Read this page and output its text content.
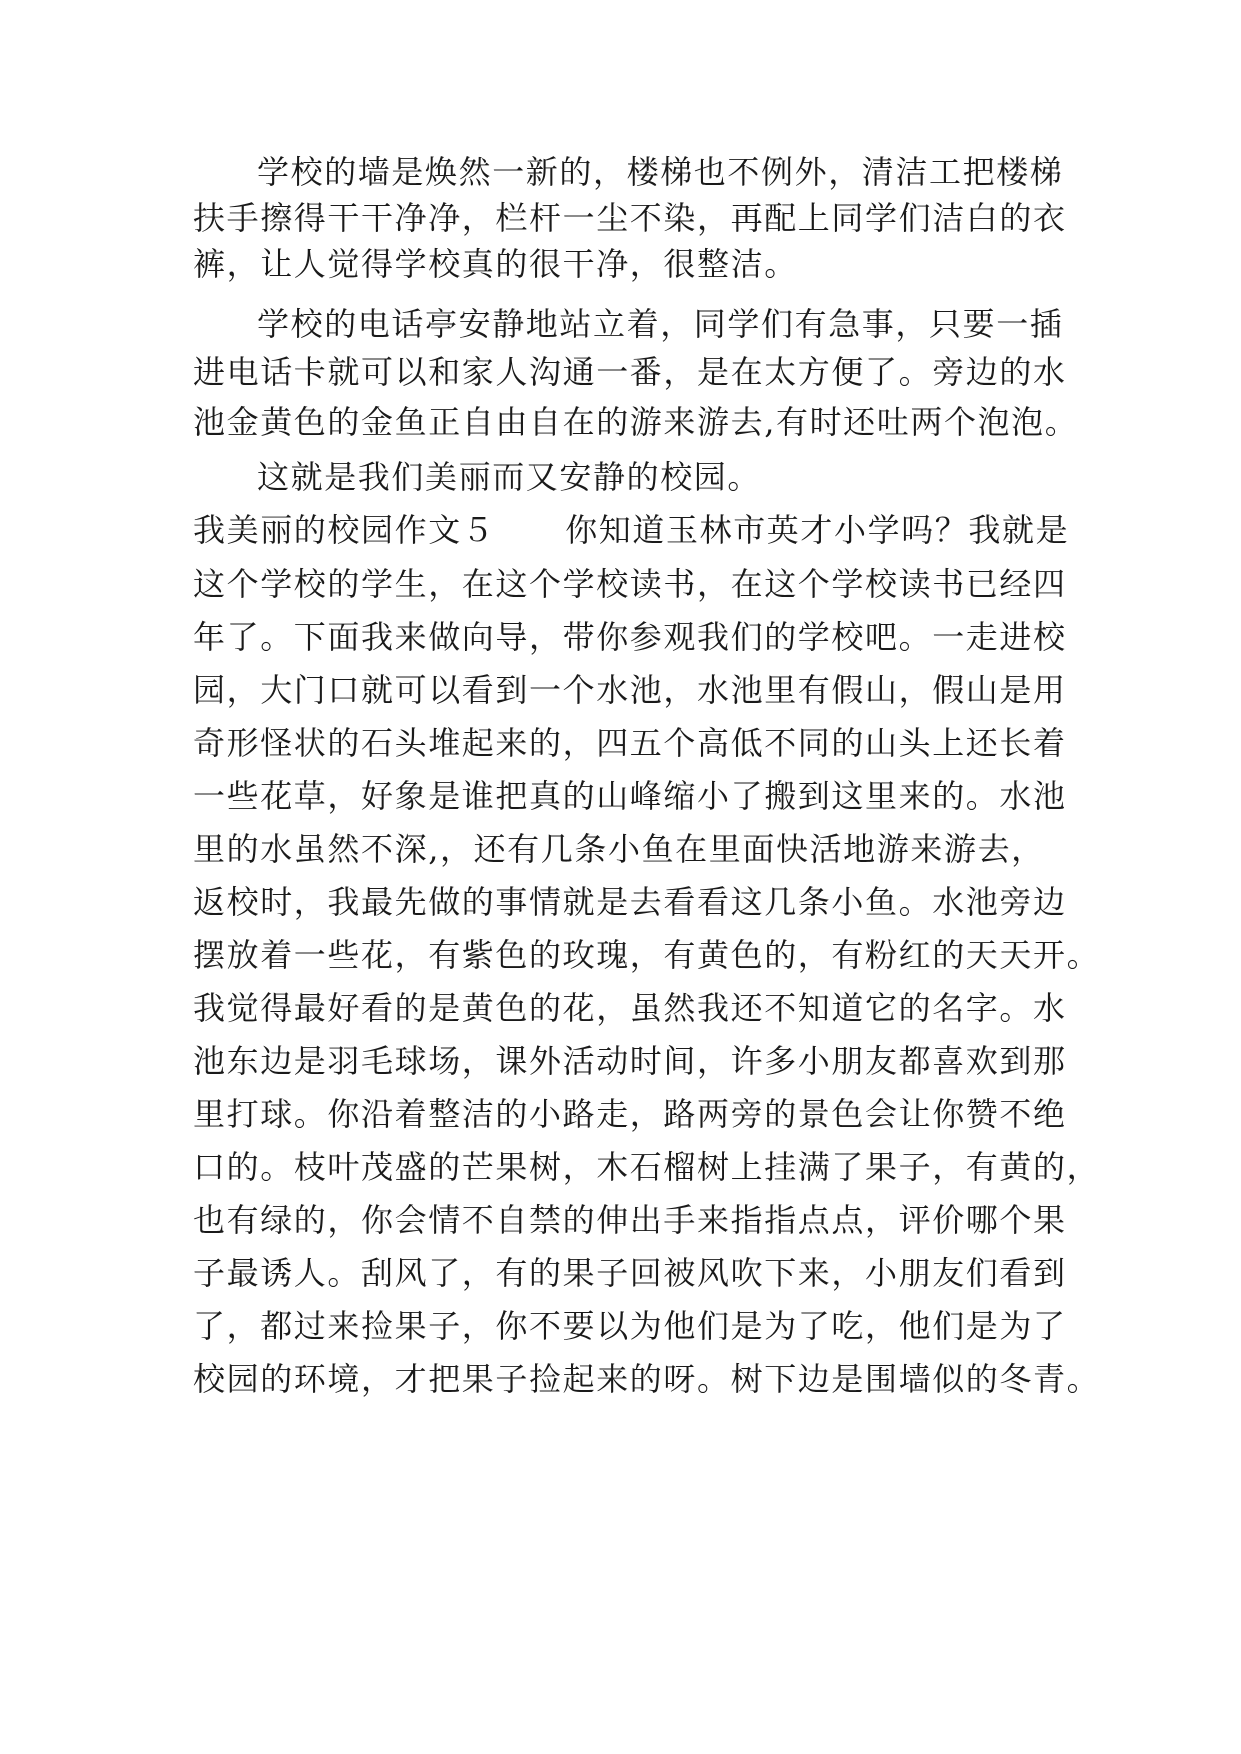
学校的墙是焕然一新的，楼梯也不例外，清洁工把楼梯
扶手擦得干干净净，栏杆一尘不染，再配上同学们洁白的衣
裤，让人觉得学校真的很干净，很整洁。
学校的电话亭安静地站立着，同学们有急事，只要一插
进电话卡就可以和家人沟通一番，是在太方便了。旁边的水
池金黄色的金鱼正自由自在的游来游去,有时还吐两个泡泡。
这就是我们美丽而又安静的校园。
我美丽的校园作文５ 你知道玉林市英才小学吗？我就是
这个学校的学生，在这个学校读书，在这个学校读书已经四
年了。下面我来做向导，带你参观我们的学校吧。一走进校
园，大门口就可以看到一个水池，水池里有假山，假山是用
奇形怪状的石头堆起来的，四五个高低不同的山头上还长着
一些花草，好象是谁把真的山峰缩小了搬到这里来的。水池
里的水虽然不深,，还有几条小鱼在里面快活地游来游去，
返校时，我最先做的事情就是去看看这几条小鱼。水池旁边
摆放着一些花，有紫色的玫瑰，有黄色的，有粉红的天天开。
我觉得最好看的是黄色的花，虽然我还不知道它的名字。水
池东边是羽毛球场，课外活动时间，许多小朋友都喜欢到那
里打球。你沿着整洁的小路走，路两旁的景色会让你赞不绝
口的。枝叶茂盛的芒果树，木石榴树上挂满了果子，有黄的，
也有绿的，你会情不自禁的伸出手来指指点点，评价哪个果
子最诱人。刮风了，有的果子回被风吹下来，小朋友们看到
了，都过来捡果子，你不要以为他们是为了吃，他们是为了
校园的环境，才把果子捡起来的呀。树下边是围墙似的冬青。
